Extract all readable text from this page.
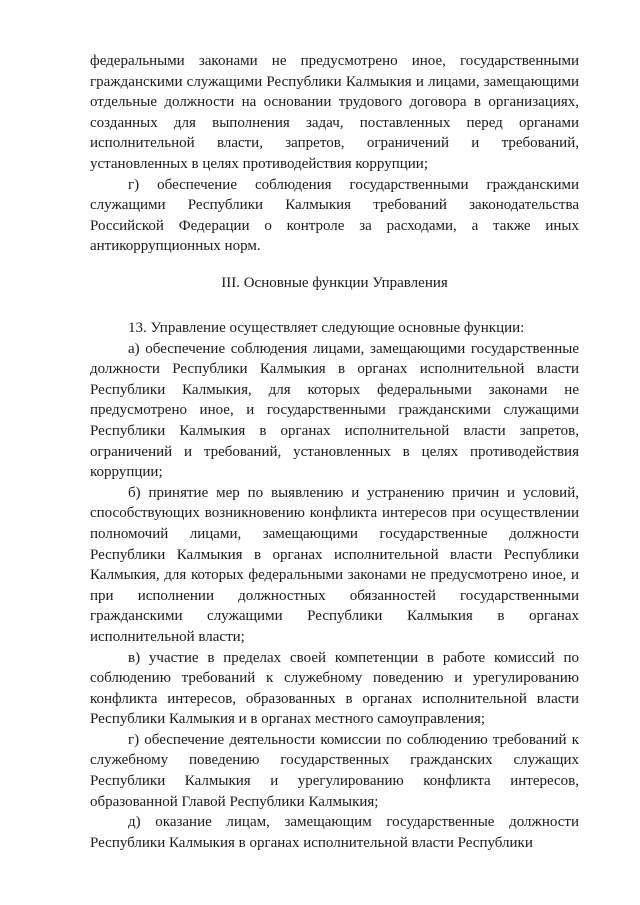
федеральными законами не предусмотрено иное, государственными гражданскими служащими Республики Калмыкия и лицами, замещающими отдельные должности на основании трудового договора в организациях, созданных для выполнения задач, поставленных перед органами исполнительной власти, запретов, ограничений и требований, установленных в целях противодействия коррупции;

г) обеспечение соблюдения государственными гражданскими служащими Республики Калмыкия требований законодательства Российской Федерации о контроле за расходами, а также иных антикоррупционных норм.

III. Основные функции Управления

13. Управление осуществляет следующие основные функции:

а) обеспечение соблюдения лицами, замещающими государственные должности Республики Калмыкия в органах исполнительной власти Республики Калмыкия, для которых федеральными законами не предусмотрено иное, и государственными гражданскими служащими Республики Калмыкия в органах исполнительной власти запретов, ограничений и требований, установленных в целях противодействия коррупции;

б) принятие мер по выявлению и устранению причин и условий, способствующих возникновению конфликта интересов при осуществлении полномочий лицами, замещающими государственные должности Республики Калмыкия в органах исполнительной власти Республики Калмыкия, для которых федеральными законами не предусмотрено иное, и при исполнении должностных обязанностей государственными гражданскими служащими Республики Калмыкия в органах исполнительной власти;

в) участие в пределах своей компетенции в работе комиссий по соблюдению требований к служебному поведению и урегулированию конфликта интересов, образованных в органах исполнительной власти Республики Калмыкия и в органах местного самоуправления;

г) обеспечение деятельности комиссии по соблюдению требований к служебному поведению государственных гражданских служащих Республики Калмыкия и урегулированию конфликта интересов, образованной Главой Республики Калмыкия;

д) оказание лицам, замещающим государственные должности Республики Калмыкия в органах исполнительной власти Республики
